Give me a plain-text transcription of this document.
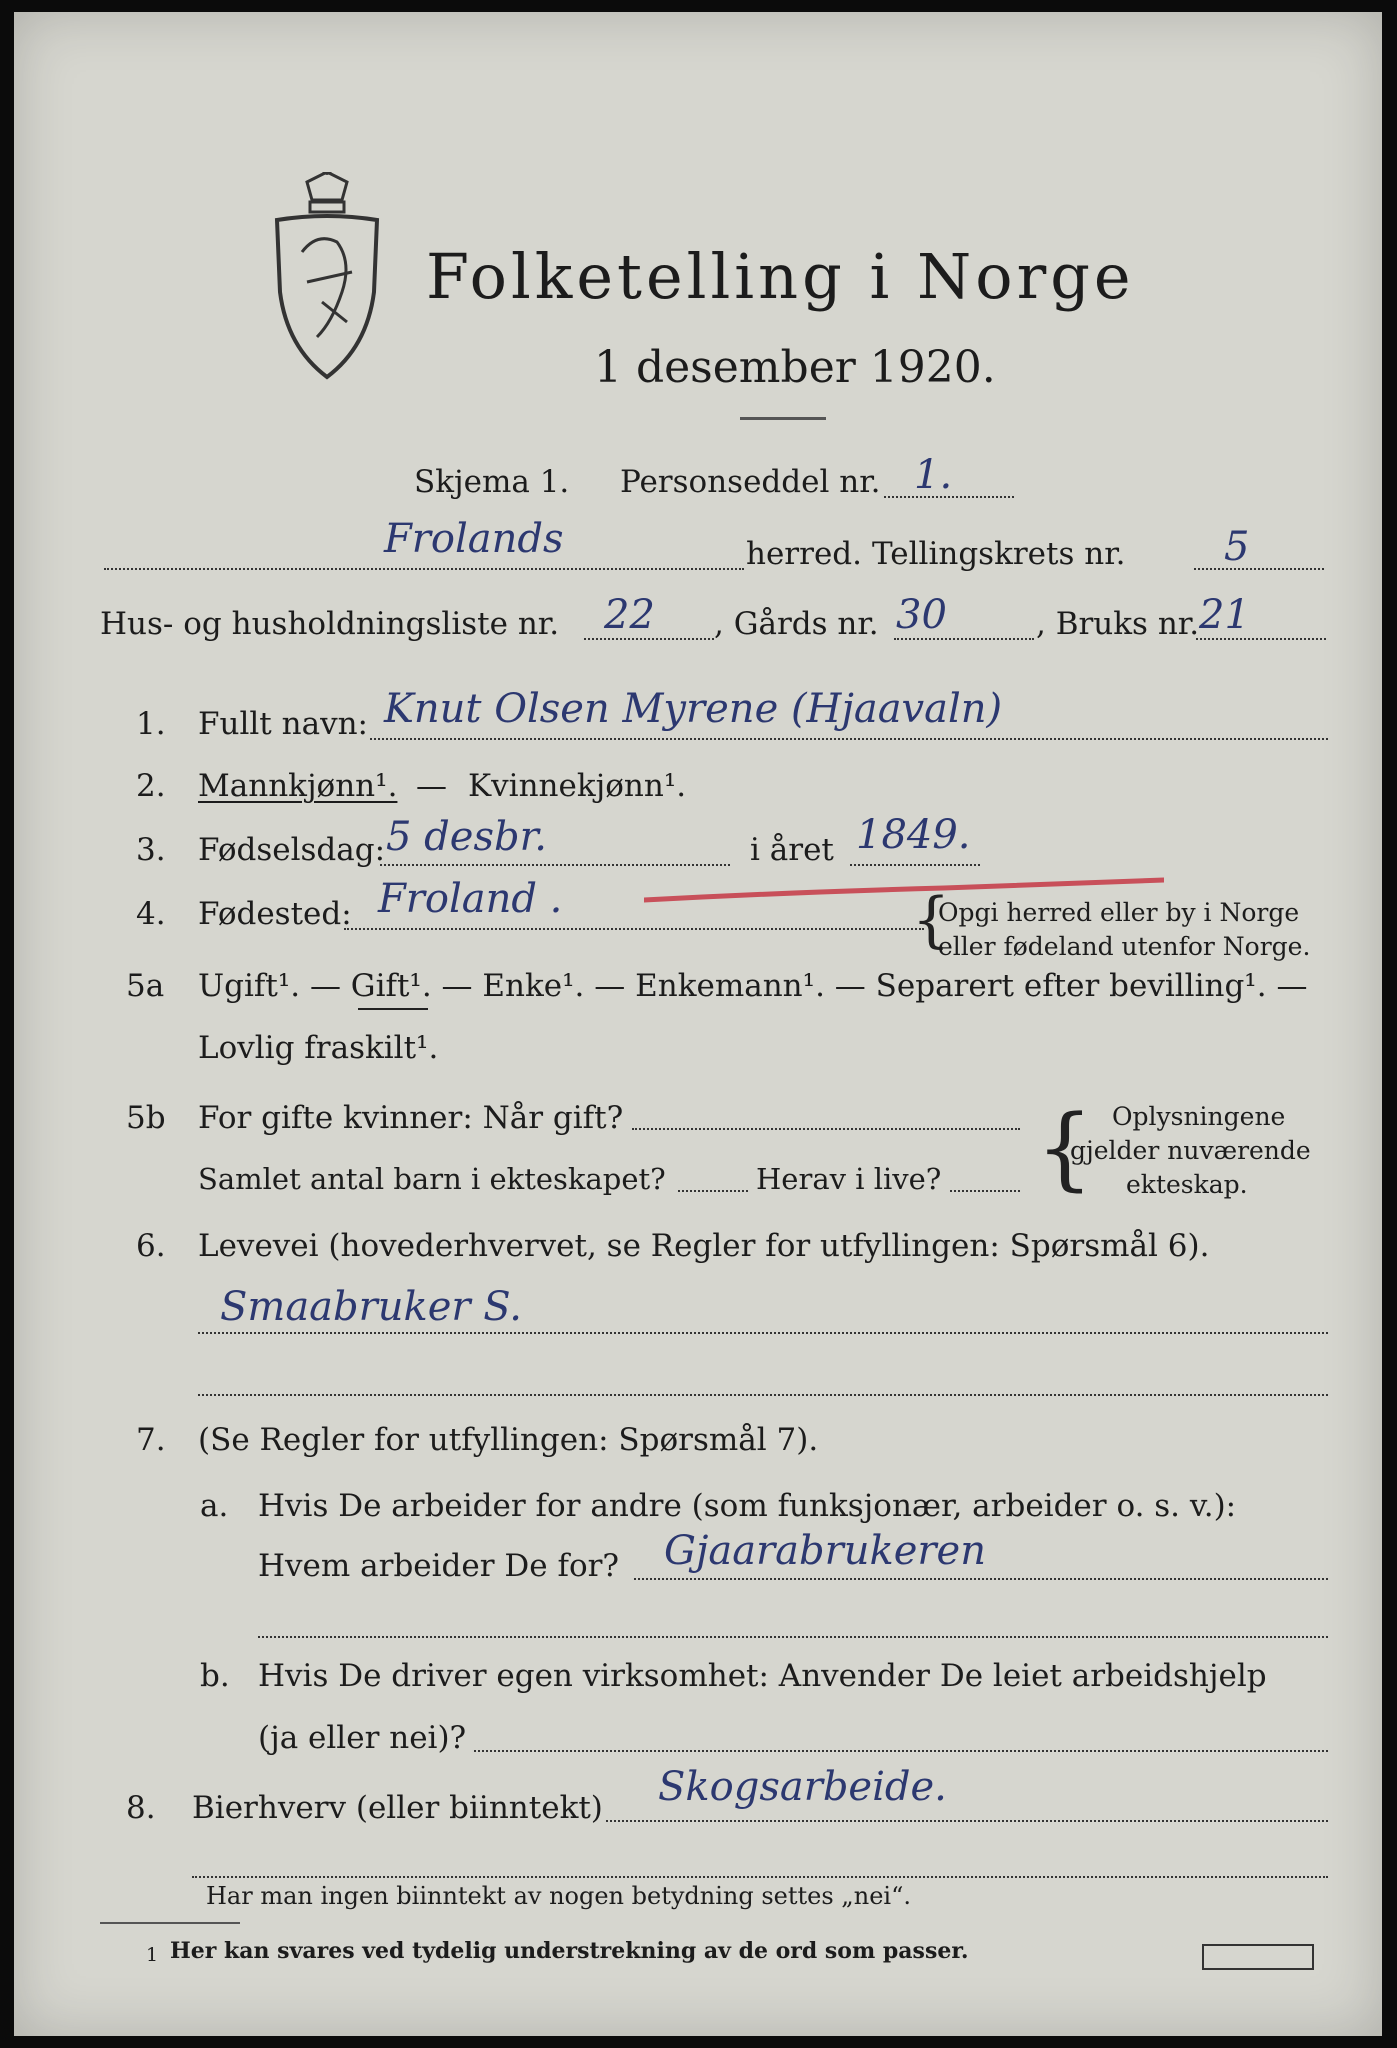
Folketelling i Norge
1 desember 1920.
Skjema 1. Personseddel nr. 1.
Frolands	herred. Tellingskrets nr. 5
Hus- og husholdningsliste nr. 22 , Gårds nr. 30	, Bruks nr. 21
1. Fullt navn: Knut Olsen Myrene (Hjaavaln)
2. Mannkjønn¹. — Kvinnekjønn¹.
3. Fødselsdag: 5 desbr.	i året 1849.
4. Fødested: Froland .	{
Opgi herred eller by i Norge
eller fødeland utenfor Norge.
5a Ugift¹. — Gift¹. — Enke¹. — Enkemann¹. — Separert efter bevilling¹. —
Lovlig fraskilt¹.
5b For gifte kvinner: Når gift?
Samlet antal barn i ekteskapet?	Herav i live? { Oplysningene
gjelder nuværende
ekteskap.
6. Levevei (hovederhvervet, se Regler for utfyllingen: Spørsmål 6).
Smaabruker S.
7. (Se Regler for utfyllingen: Spørsmål 7).
a. Hvis De arbeider for andre (som funksjonær, arbeider o. s. v.):
Hvem arbeider De for? Gjaarabrukeren
b. Hvis De driver egen virksomhet: Anvender De leiet arbeidshjelp
(ja eller nei)?
8. Bierhverv (eller biinntekt) Skogsarbeide.
Har man ingen biinntekt av nogen betydning settes „nei“.
1 Her kan svares ved tydelig understrekning av de ord som passer.
